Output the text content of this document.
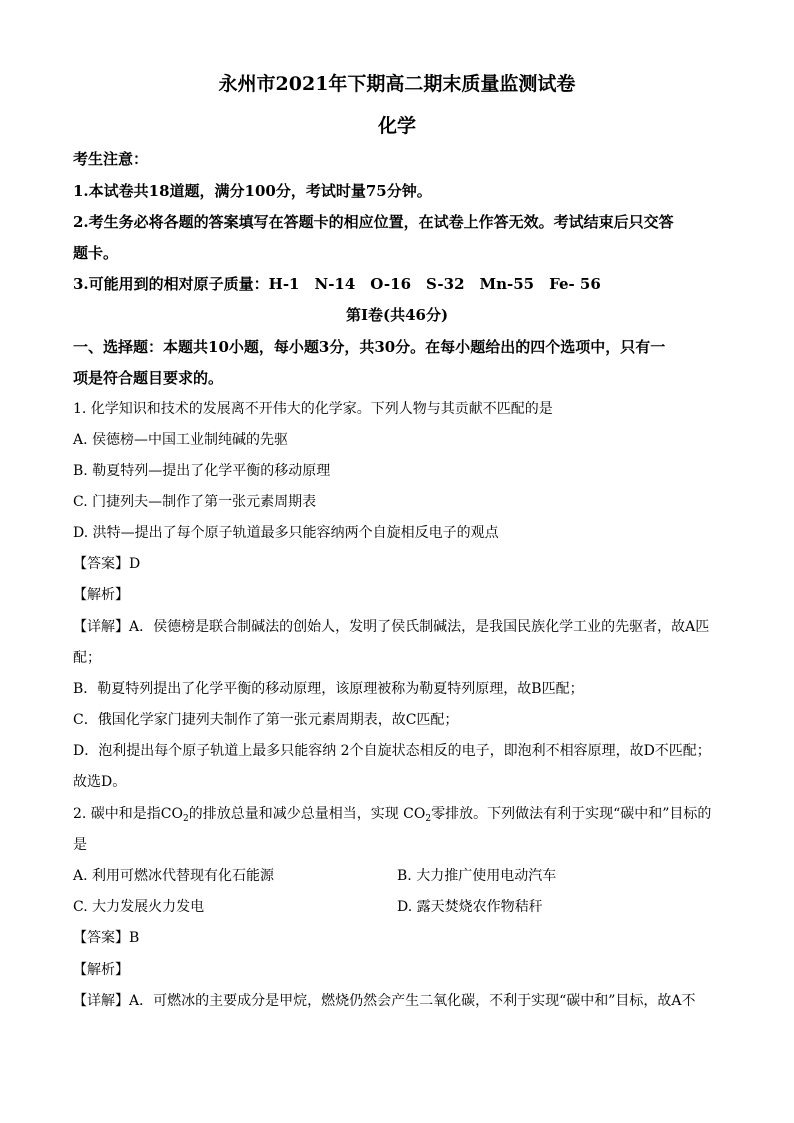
永州市2021年下期高二期末质量监测试卷
化学
考生注意：
1.本试卷共18道题，满分100分，考试时量75分钟。
2.考生务必将各题的答案填写在答题卡的相应位置，在试卷上作答无效。考试结束后只交答
题卡。
3.可能用到的相对原子质量：H-1　N-14　O-16　S-32　Mn-55　Fe- 56
第I卷(共46分)
一、选择题：本题共10小题，每小题3分，共30分。在每小题给出的四个选项中，只有一
项是符合题目要求的。
1. 化学知识和技术的发展离不开伟大的化学家。下列人物与其贡献不匹配的是
A. 侯德榜—中国工业制纯碱的先驱
B. 勒夏特列—提出了化学平衡的移动原理
C. 门捷列夫—制作了第一张元素周期表
D. 洪特—提出了每个原子轨道最多只能容纳两个自旋相反电子的观点
【答案】D
【解析】
【详解】A．侯德榜是联合制碱法的创始人，发明了侯氏制碱法，是我国民族化学工业的先驱者，故A匹
配；
B．勒夏特列提出了化学平衡的移动原理，该原理被称为勒夏特列原理，故B匹配；
C．俄国化学家门捷列夫制作了第一张元素周期表，故C匹配；
D．泡利提出每个原子轨道上最多只能容纳 2个自旋状态相反的电子，即泡利不相容原理，故D不匹配；
故选D。
2. 碳中和是指$CO_2$的排放总量和减少总量相当，实现 $CO_2$零排放。下列做法有利于实现“碳中和”目标的
是
A. 利用可燃冰代替现有化石能源	B. 大力推广使用电动汽车
C. 大力发展火力发电	D. 露天焚烧农作物秸秆
【答案】B
【解析】
【详解】A．可燃冰的主要成分是甲烷，燃烧仍然会产生二氧化碳，不利于实现“碳中和”目标，故A不
